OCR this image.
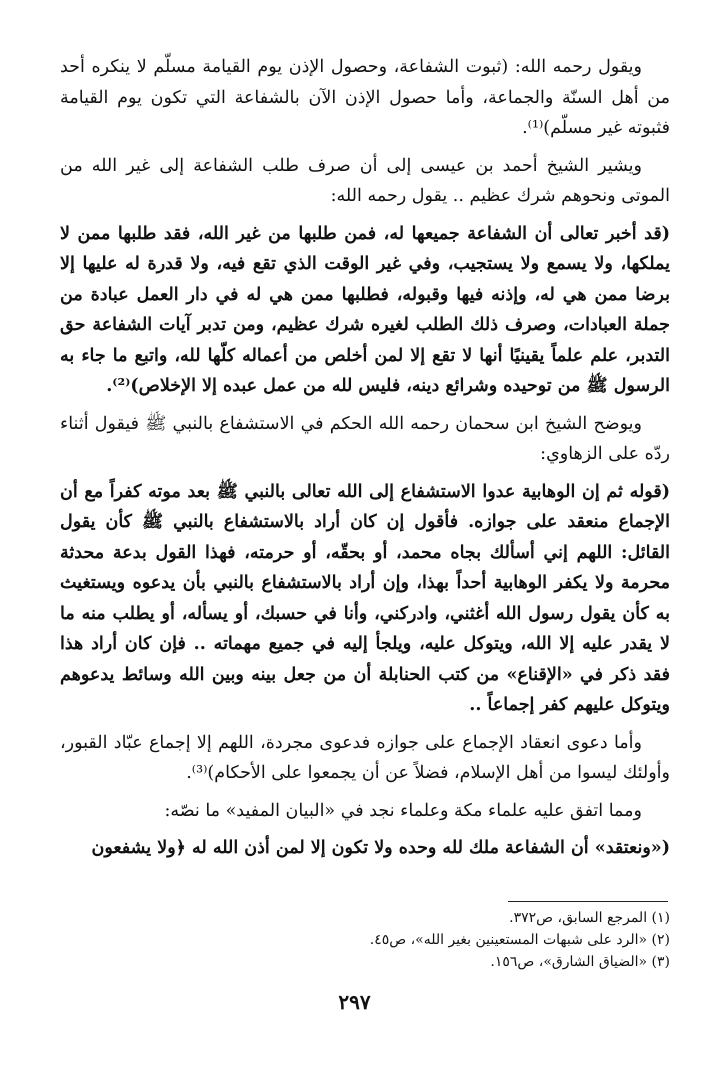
ويقول رحمه الله: (ثبوت الشفاعة، وحصول الإذن يوم القيامة مسلّم لا ينكره أحد من أهل السنّة والجماعة، وأما حصول الإذن الآن بالشفاعة التي تكون يوم القيامة فثبوته غير مسلّم)⁽¹⁾.

ويشير الشيخ أحمد بن عيسى إلى أن صرف طلب الشفاعة إلى غير الله من الموتى ونحوهم شرك عظيم .. يقول رحمه الله:

(قد أخبر تعالى أن الشفاعة جميعها له، فمن طلبها من غير الله، فقد طلبها ممن لا يملكها، ولا يسمع ولا يستجيب، وفي غير الوقت الذي تقع فيه، ولا قدرة له عليها إلا برضا ممن هي له، وإذنه فيها وقبوله، فطلبها ممن هي له في دار العمل عبادة من جملة العبادات، وصرف ذلك الطلب لغيره شرك عظيم، ومن تدبر آيات الشفاعة حق التدبر، علم علماً يقينيًا أنها لا تقع إلا لمن أخلص من أعماله كلّها لله، واتبع ما جاء به الرسول ﷺ من توحيده وشرائع دينه، فليس لله من عمل عبده إلا الإخلاص)⁽²⁾.

ويوضح الشيخ ابن سحمان رحمه الله الحكم في الاستشفاع بالنبي ﷺ فيقول أثناء ردّه على الزهاوي:

(قوله ثم إن الوهابية عدوا الاستشفاع إلى الله تعالى بالنبي ﷺ بعد موته كفراً مع أن الإجماع منعقد على جوازه. فأقول إن كان أراد بالاستشفاع بالنبي ﷺ كأن يقول القائل: اللهم إني أسألك بجاه محمد، أو بحقّه، أو حرمته، فهذا القول بدعة محدثة محرمة ولا يكفر الوهابية أحداً بهذا، وإن أراد بالاستشفاع بالنبي بأن يدعوه ويستغيث به كأن يقول رسول الله أغثني، وادركني، وأنا في حسبك، أو يسأله، أو يطلب منه ما لا يقدر عليه إلا الله، ويتوكل عليه، ويلجأ إليه في جميع مهماته .. فإن كان أراد هذا فقد ذكر في «الإقناع» من كتب الحنابلة أن من جعل بينه وبين الله وسائط يدعوهم ويتوكل عليهم كفر إجماعاً ..

وأما دعوى انعقاد الإجماع على جوازه فدعوى مجردة، اللهم إلا إجماع عبّاد القبور، وأولئك ليسوا من أهل الإسلام، فضلاً عن أن يجمعوا على الأحكام)⁽³⁾.

ومما اتفق عليه علماء مكة وعلماء نجد في «البيان المفيد» ما نصّه:

(«ونعتقد» أن الشفاعة ملك لله وحده ولا تكون إلا لمن أذن الله له ﴿ولا يشفعون

(١) المرجع السابق، ص٣٧٢.
(٢) «الرد على شبهات المستعينين بغير الله»، ص٤٥.
(٣) «الضياق الشارق»، ص١٥٦.
٢٩٧
